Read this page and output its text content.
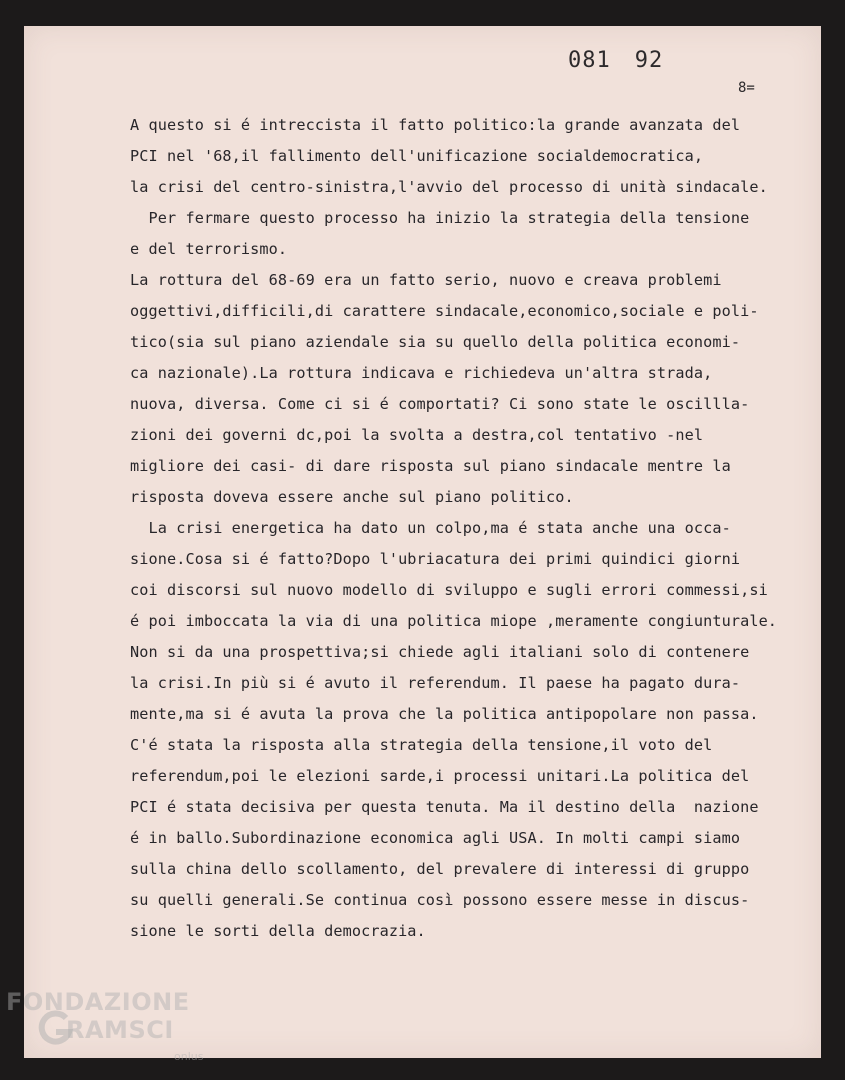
081 92
8=
A questo si é intreccista il fatto politico:la grande avanzata del
PCI nel '68,il fallimento dell'unificazione socialdemocratica,
la crisi del centro-sinistra,l'avvio del processo di unità sindacale.
Per fermare questo processo ha inizio la strategia della tensione
e del terrorismo.
La rottura del 68-69 era un fatto serio, nuovo e creava problemi
oggettivi,difficili,di carattere sindacale,economico,sociale e poli-
tico(sia sul piano aziendale sia su quello della politica economi-
ca nazionale).La rottura indicava e richiedeva un'altra strada,
nuova, diversa. Come ci si é comportati? Ci sono state le oscillla-
zioni dei governi dc,poi la svolta a destra,col tentativo -nel
migliore dei casi- di dare risposta sul piano sindacale mentre la
risposta doveva essere anche sul piano politico.
La crisi energetica ha dato un colpo,ma é stata anche una occa-
sione.Cosa si é fatto?Dopo l'ubriacatura dei primi quindici giorni
coi discorsi sul nuovo modello di sviluppo e sugli errori commessi,si
é poi imboccata la via di una politica miope ,meramente congiunturale.
Non si da una prospettiva;si chiede agli italiani solo di contenere
la crisi.In più si é avuto il referendum. Il paese ha pagato dura-
mente,ma si é avuta la prova che la politica antipopolare non passa.
C'é stata la risposta alla strategia della tensione,il voto del
referendum,poi le elezioni sarde,i processi unitari.La politica del
PCI é stata decisiva per questa tenuta. Ma il destino della  nazione
é in ballo.Subordinazione economica agli USA. In molti campi siamo
sulla china dello scollamento, del prevalere di interessi di gruppo
su quelli generali.Se continua così possono essere messe in discus-
sione le sorti della democrazia.
FONDAZIONE
RAMSCI
onlus
